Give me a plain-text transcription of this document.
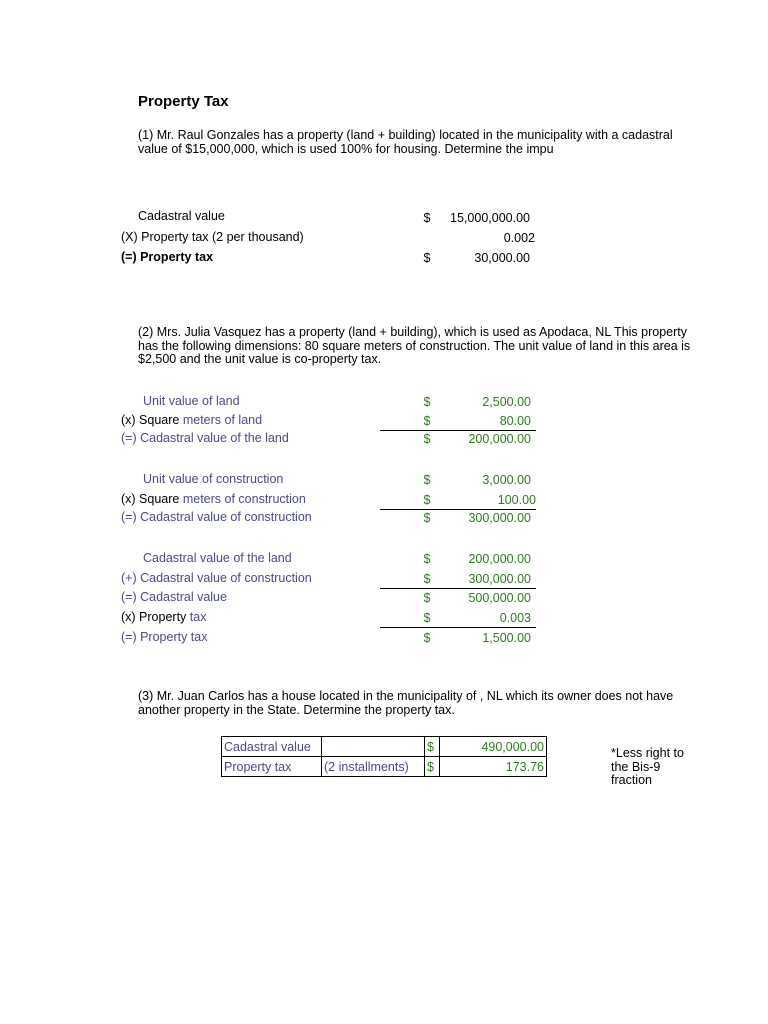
Property Tax
(1) Mr. Raul Gonzales has a property (land + building) located in the municipality with a cadastral value of $15,000,000, which is used 100% for housing. Determine the impu
Cadastral value	$	15,000,000.00
(X) Property tax (2 per thousand)	0.002
(=) Property tax	$	30,000.00
(2) Mrs. Julia Vasquez has a property (land + building), which is used as Apodaca, NL This property has the following dimensions: 80 square meters of construction. The unit value of land in this area is $2,500 and the unit value is co-property tax.
Unit value of land	$	2,500.00
(x) Square meters of land	$	80.00
(=) Cadastral value of the land	$	200,000.00
Unit value of construction	$	3,000.00
(x) Square meters of construction	$	100.00
(=) Cadastral value of construction	$	300,000.00
Cadastral value of the land	$	200,000.00
(+) Cadastral value of construction	$	300,000.00
(=) Cadastral value	$	500,000.00
(x) Property tax	$	0.003
(=) Property tax	$	1,500.00
(3) Mr. Juan Carlos has a house located in the municipality of , NL which its owner does not have another property in the State. Determine the property tax.
Cadastral value		$	490,000.00
Property tax	(2 installments)	$	173.76
*Less right to the Bis-9 fraction
